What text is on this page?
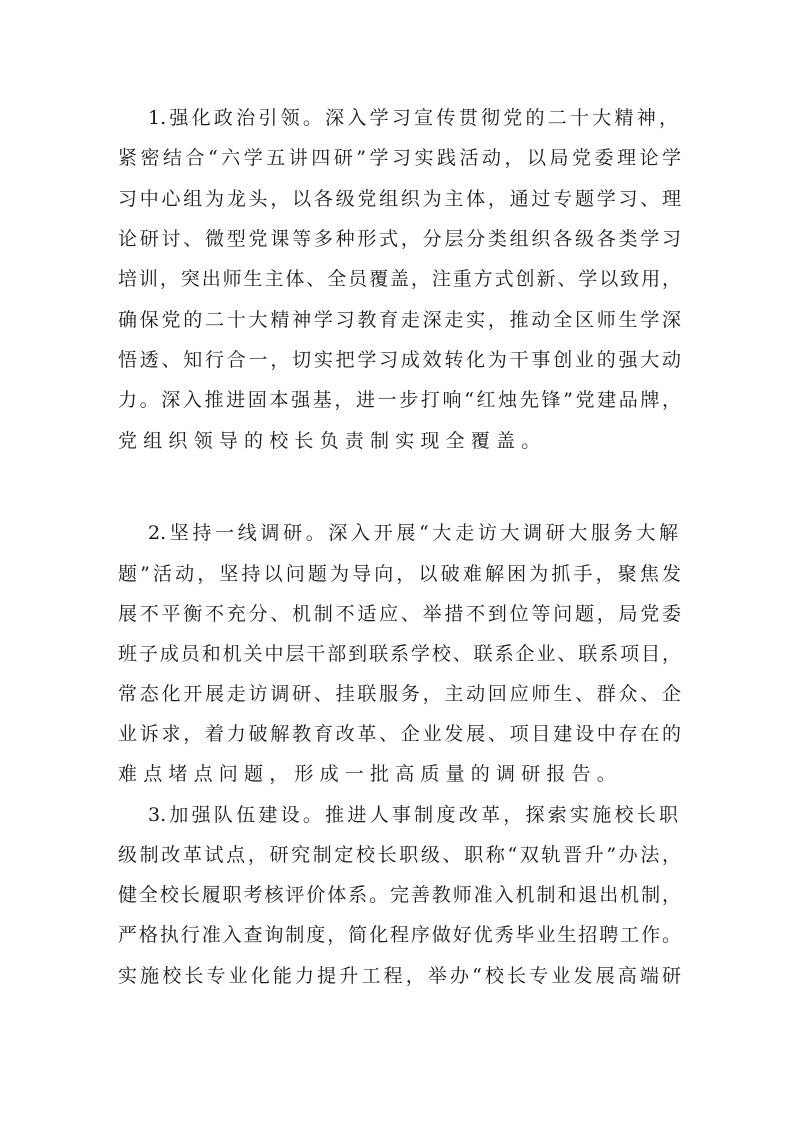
1.强化政治引领。深入学习宣传贯彻党的二十大精神，
紧密结合“六学五讲四研”学习实践活动，以局党委理论学
习中心组为龙头，以各级党组织为主体，通过专题学习、理
论研讨、微型党课等多种形式，分层分类组织各级各类学习
培训，突出师生主体、全员覆盖，注重方式创新、学以致用，
确保党的二十大精神学习教育走深走实，推动全区师生学深
悟透、知行合一，切实把学习成效转化为干事创业的强大动
力。深入推进固本强基，进一步打响“红烛先锋”党建品牌，
党组织领导的校长负责制实现全覆盖。
2.坚持一线调研。深入开展“大走访大调研大服务大解
题”活动，坚持以问题为导向，以破难解困为抓手，聚焦发
展不平衡不充分、机制不适应、举措不到位等问题，局党委
班子成员和机关中层干部到联系学校、联系企业、联系项目，
常态化开展走访调研、挂联服务，主动回应师生、群众、企
业诉求，着力破解教育改革、企业发展、项目建设中存在的
难点堵点问题，形成一批高质量的调研报告。
3.加强队伍建设。推进人事制度改革，探索实施校长职
级制改革试点，研究制定校长职级、职称“双轨晋升”办法，
健全校长履职考核评价体系。完善教师准入机制和退出机制，
严格执行准入查询制度，简化程序做好优秀毕业生招聘工作。
实施校长专业化能力提升工程，举办“校长专业发展高端研
